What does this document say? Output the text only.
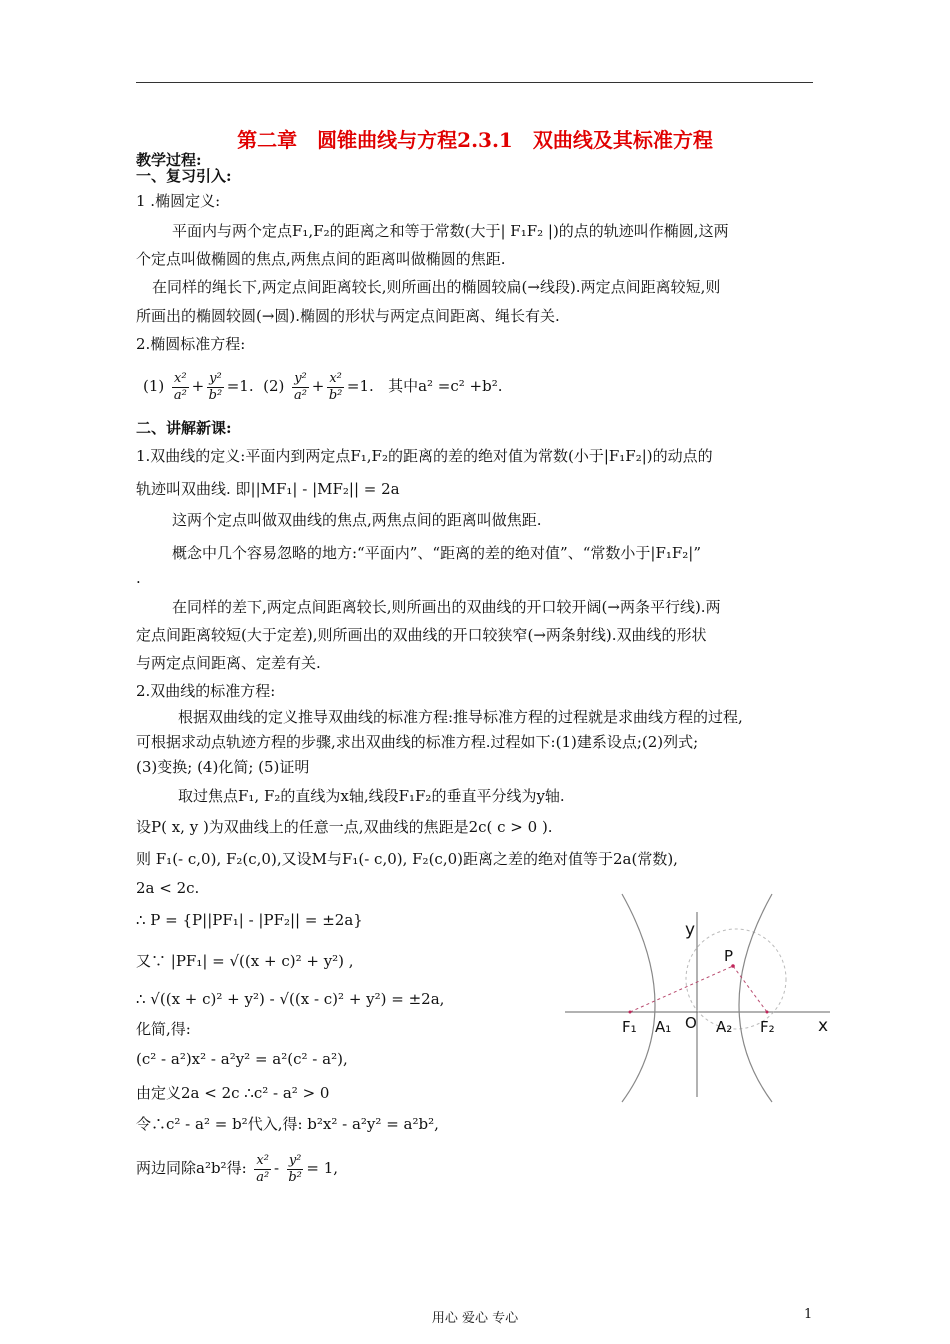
第二章　圆锥曲线与方程2.3.1　双曲线及其标准方程
教学过程:
一、复习引入:
1 .椭圆定义:
平面内与两个定点F₁,F₂的距离之和等于常数(大于| F₁F₂ |)的点的轨迹叫作椭圆,这两
个定点叫做椭圆的焦点,两焦点间的距离叫做椭圆的焦距.
在同样的绳长下,两定点间距离较长,则所画出的椭圆较扁(→线段).两定点间距离较短,则
所画出的椭圆较圆(→圆).椭圆的形状与两定点间距离、绳长有关.
2.椭圆标准方程:
$(1) \frac{\text{x²}}{\text{a²}} + \frac{\text{y²}}{\text{b²}} =1$. $(2) \frac{\text{y²}}{\text{a²}} + \frac{\text{x²}}{\text{b²}} =1$. 其中a² =c² +b².
二、讲解新课:
1.双曲线的定义:平面内到两定点F₁,F₂的距离的差的绝对值为常数(小于|F₁F₂|)的动点的
轨迹叫双曲线. 即||MF₁| - |MF₂|| = 2a
这两个定点叫做双曲线的焦点,两焦点间的距离叫做焦距.
概念中几个容易忽略的地方:“平面内”、“距离的差的绝对值”、“常数小于|F₁F₂|”
.
在同样的差下,两定点间距离较长,则所画出的双曲线的开口较开阔(→两条平行线).两
定点间距离较短(大于定差),则所画出的双曲线的开口较狭窄(→两条射线).双曲线的形状
与两定点间距离、定差有关.
2.双曲线的标准方程:
根据双曲线的定义推导双曲线的标准方程:推导标准方程的过程就是求曲线方程的过程,
可根据求动点轨迹方程的步骤,求出双曲线的标准方程.过程如下:(1)建系设点;(2)列式;
(3)变换; (4)化简; (5)证明
取过焦点F₁, F₂的直线为x轴,线段F₁F₂的垂直平分线为y轴.
设P( x, y )为双曲线上的任意一点,双曲线的焦距是2c( c > 0 ).
则 F₁(- c,0), F₂(c,0),又设M与F₁(- c,0), F₂(c,0)距离之差的绝对值等于2a(常数),
2a < 2c.
∴ P = {P||PF₁| - |PF₂|| = ±2a}
又∵ |PF₁| = √((x + c)² + y²) ,
∴ √((x + c)² + y²) - √((x - c)² + y²) = ±2a,
化简,得:
(c² - a²)x² - a²y² = a²(c² - a²),
由定义2a < 2c ∴c² - a² > 0
令∴c² - a² = b²代入,得: b²x² - a²y² = a²b²,
两边同除a²b²得: $\frac{\text{x²}}{\text{a²}} - \frac{\text{y²}}{\text{b²}} = 1$,
y
P
x
O
F₁ A₁	A₂ F₂
用心 爱心 专心	1
